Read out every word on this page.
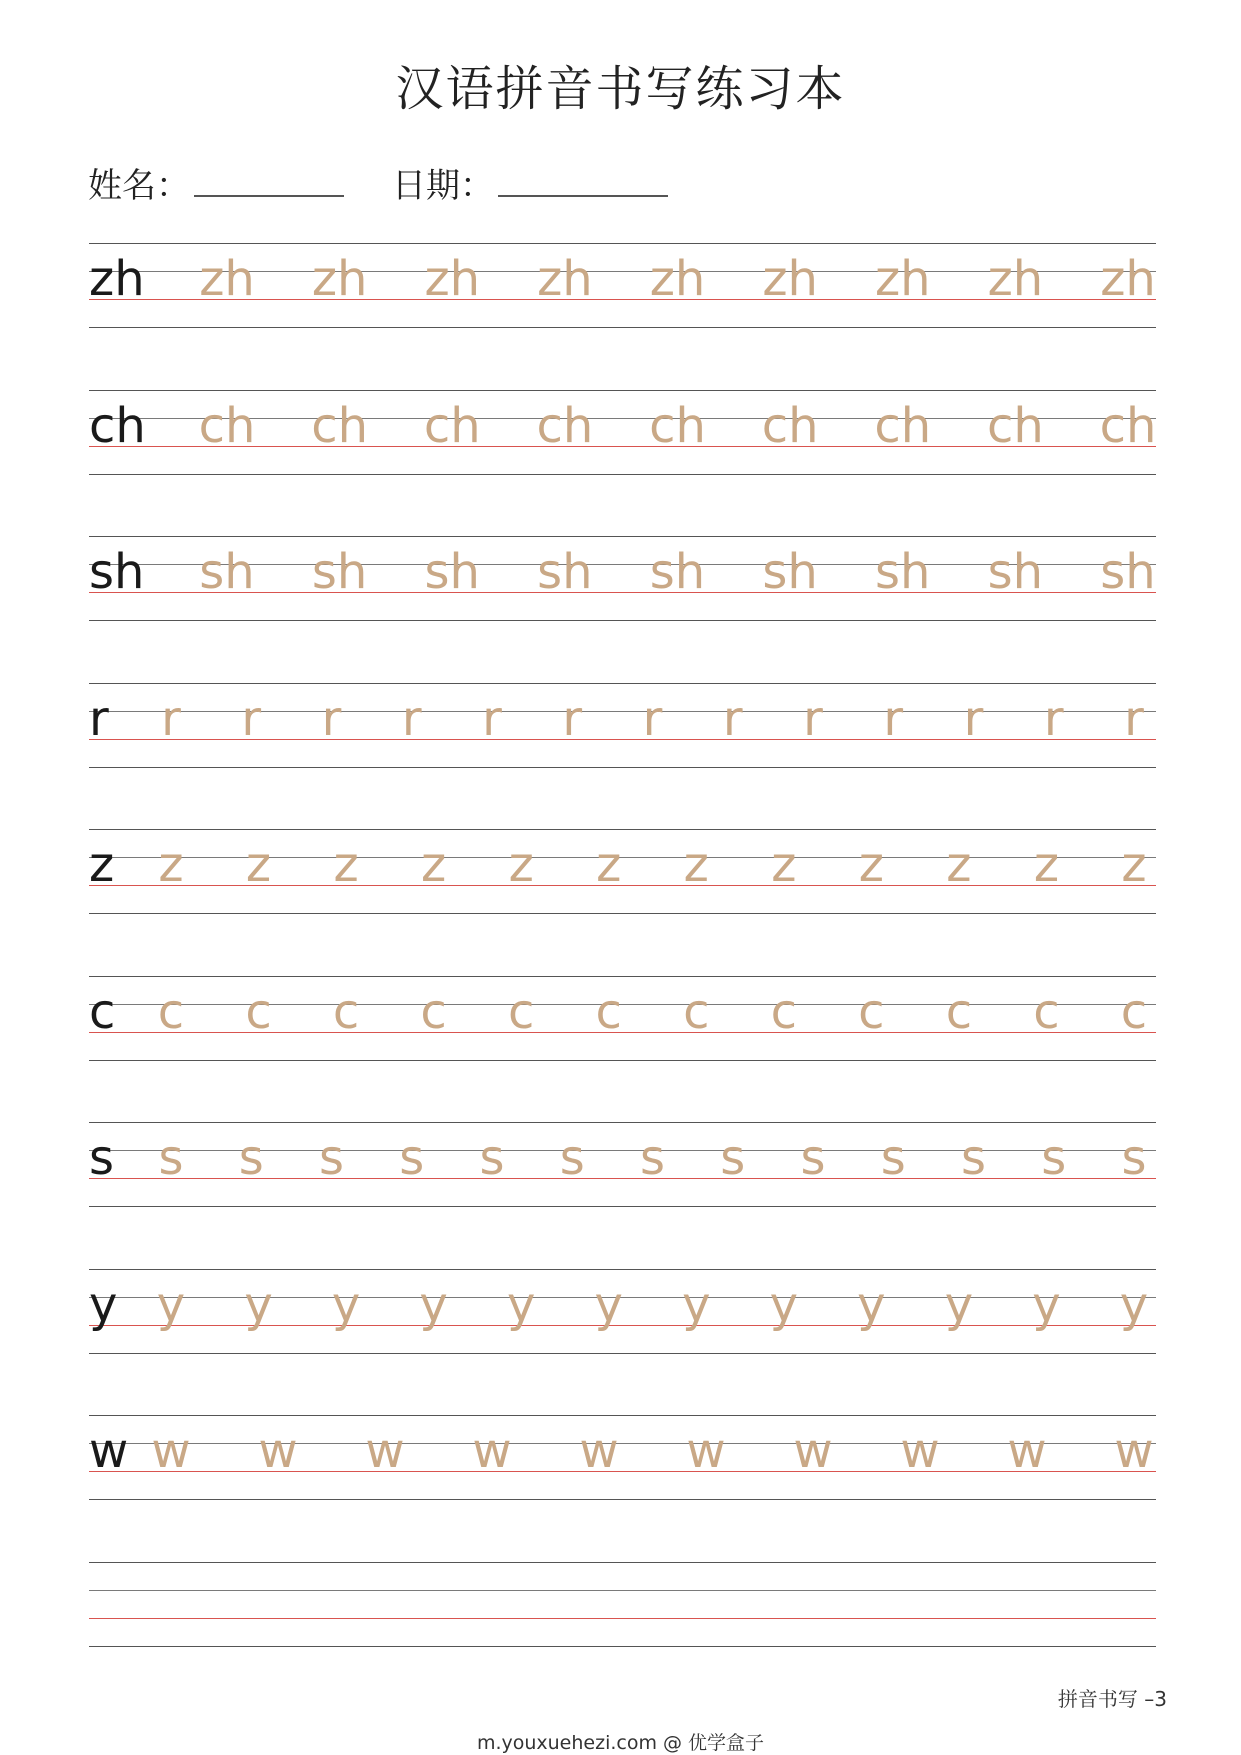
汉语拼音书写练习本
姓名：	日期：
zh zh zh zh zh zh zh zh zh zh
ch ch ch ch ch ch ch ch ch ch
sh sh sh sh sh sh sh sh sh sh
r r r r r r r r r r r r r r
z z z z z z z z z z z z z
c c c c c c c c c c c c c
s s s s s s s s s s s s s s
y y y y y y y y y y y y y
w w w w w w w w w w w
拼音书写 –3
m.youxuehezi.com @ 优学盒子
